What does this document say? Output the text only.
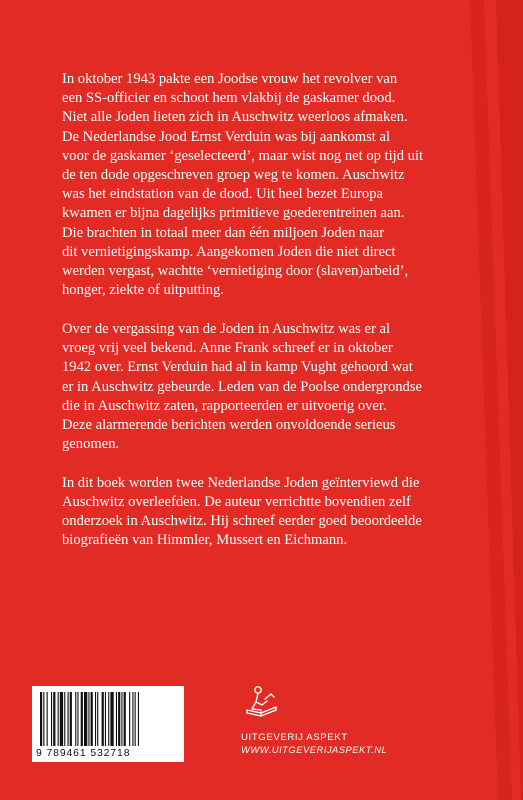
In oktober 1943 pakte een Joodse vrouw het revolver van
een SS-officier en schoot hem vlakbij de gaskamer dood.
Niet alle Joden lieten zich in Auschwitz weerloos afmaken.
De Nederlandse Jood Ernst Verduin was bij aankomst al
voor de gaskamer ‘geselecteerd’, maar wist nog net op tijd uit
de ten dode opgeschreven groep weg te komen. Auschwitz
was het eindstation van de dood. Uit heel bezet Europa
kwamen er bijna dagelijks primitieve goederentreinen aan.
Die brachten in totaal meer dan één miljoen Joden naar
dit vernietigingskamp. Aangekomen Joden die niet direct
werden vergast, wachtte ‘vernietiging door (slaven)arbeid’,
honger, ziekte of uitputting.

Over de vergassing van de Joden in Auschwitz was er al
vroeg vrij veel bekend. Anne Frank schreef er in oktober
1942 over. Ernst Verduin had al in kamp Vught gehoord wat
er in Auschwitz gebeurde. Leden van de Poolse ondergrondse
die in Auschwitz zaten, rapporteerden er uitvoerig over.
Deze alarmerende berichten werden onvoldoende serieus
genomen.

In dit boek worden twee Nederlandse Joden geïnterviewd die
Auschwitz overleefden. De auteur verrichtte bovendien zelf
onderzoek in Auschwitz. Hij schreef eerder goed beoordeelde
biografieën van Himmler, Mussert en Eichmann.

9 789461 532718
UITGEVERIJ ASPEKT
WWW.UITGEVERIJASPEKT.NL
